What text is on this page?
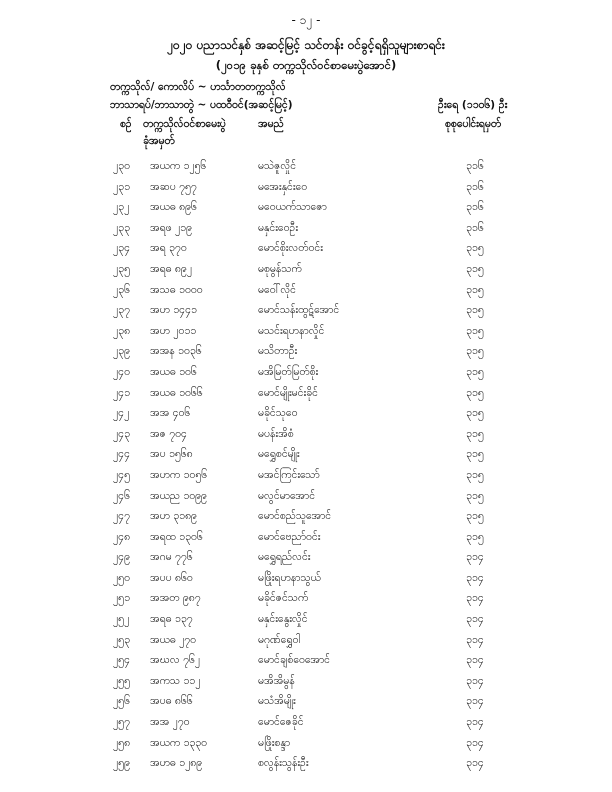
- ၁၂ -
၂၀၂၀ ပညာသင်နှစ် အဆင့်မြင့် သင်တန်း ဝင်ခွင့်ရရှိသူများစာရင်း
(၂၀၁၉ ခုနှစ် တက္ကသိုလ်ဝင်စာမေးပွဲအောင်)
တက္ကသိုလ်/ ကောလိပ် ~ ဟင်္သာတတက္ကသိုလ်
ဘာသာရပ်/ဘာသာတွဲ ~ ပထဝီဝင်(အဆင့်မြင့်)	ဦးရေ (၁၁၀၆) ဦး
စဉ် တက္ကသိုလ်ဝင်စာမေးပွဲ
ခုံအမှတ်
အမည်	စုစုပေါင်းရမှတ်
၂၃၀ အယက ၁၂၅၆	မသဲဇူလှိုင်	၃၁၆
၂၃၁ အဆပ ၇၅၇	မအေးနှင်းဝေ	၃၁၆
၂၃၂ အယဓ ၈၉၆	မဝေယက်သာဇော	၃၁၆
၂၃၃ အရဖ ၂၁၉	မနှင်းဝေဦး	၃၁၆
၂၃၄ အရ ၃၇၀	မောင်စိုးလတ်ဝင်း	၃၁၅
၂၃၅ အရဓ ၈၉၂	မစုမွန်သက်	၃၁၅
၂၃၆ အသဓ ၁၀၀၀	မဝေါ်လိုင်	၃၁၅
၂၃၇ အဟ ၁၄၄၁	မောင်သန်းထွဋ်အောင်	၃၁၅
၂၃၈ အဟ ၂၀၁၁	မသင်းရဟနာလှိုင်	၃၁၅
၂၃၉ အအန ၁၀၃၆	မသိတာဦး	၃၁၅
၂၄၀ အယဓ ၁၀၆	မအိမြတ်မြတ်စိုး	၃၁၅
၂၄၁ အယဓ ၁၀၆၆	မောင်မျိုးမင်းခိုင်	၃၁၅
၂၄၂ အအ ၄၀၆	မခိုင်သုဝေ	၃၁၅
၂၄၃ အဇ ၇၀၄	မပန်းအိစံ	၃၁၅
၂၄၄ အပ ၁၅၆၈	မရွှေစင်မျိုး	၃၁၅
၂၄၅ အဟက ၁၀၅၆	မအင်ကြင်းသော်	၃၁၅
၂၄၆ အယည ၁၀၉၉	မလွင်မာအောင်	၃၁၅
၂၄၇ အဟ ၃၁၈၉	မောင်စည်သူအောင်	၃၁၅
၂၄၈ အရထ ၁၃၀၆	မောင်ဗေညာ်ဝင်း	၃၁၅
၂၄၉ အဂမ ၇၇၆	မရွှေရည်လင်း	၃၁၄
၂၅၀ အပပ ၈၆၀	မဖြိုးရဟနာသွယ်	၃၁၄
၂၅၁ အအတ ၉၈၇	မခိုင်ဇင်သက်	၃၁၄
၂၅၂ အရဓ ၁၃၇	မနှင်းနွေးလှိုင်	၃၁၄
၂၅၃ အယဓ ၂၇၀	မဂုဏ်ရွှေဝါ	၃၁၄
၂၅၄ အဃလ ၇၆၂	မောင်ချစ်ဝေအောင်	၃၁၄
၂၅၅ အကသ ၁၁၂	မအိအိမွန်	၃၁၄
၂၅၆ အပဓ ၈၆၆	မသံအိမျိုး	၃၁၄
၂၅၇ အအ ၂၇၀	မောင်ဇေခိုင်	၃၁၄
၂၅၈ အယက ၁၃၃၀	မဖြိုးစန္ဒာ	၃၁၄
၂၅၉ အဟဓ ၁၂၈၉	စလွန်းသွန်းဦး	၃၁၄
